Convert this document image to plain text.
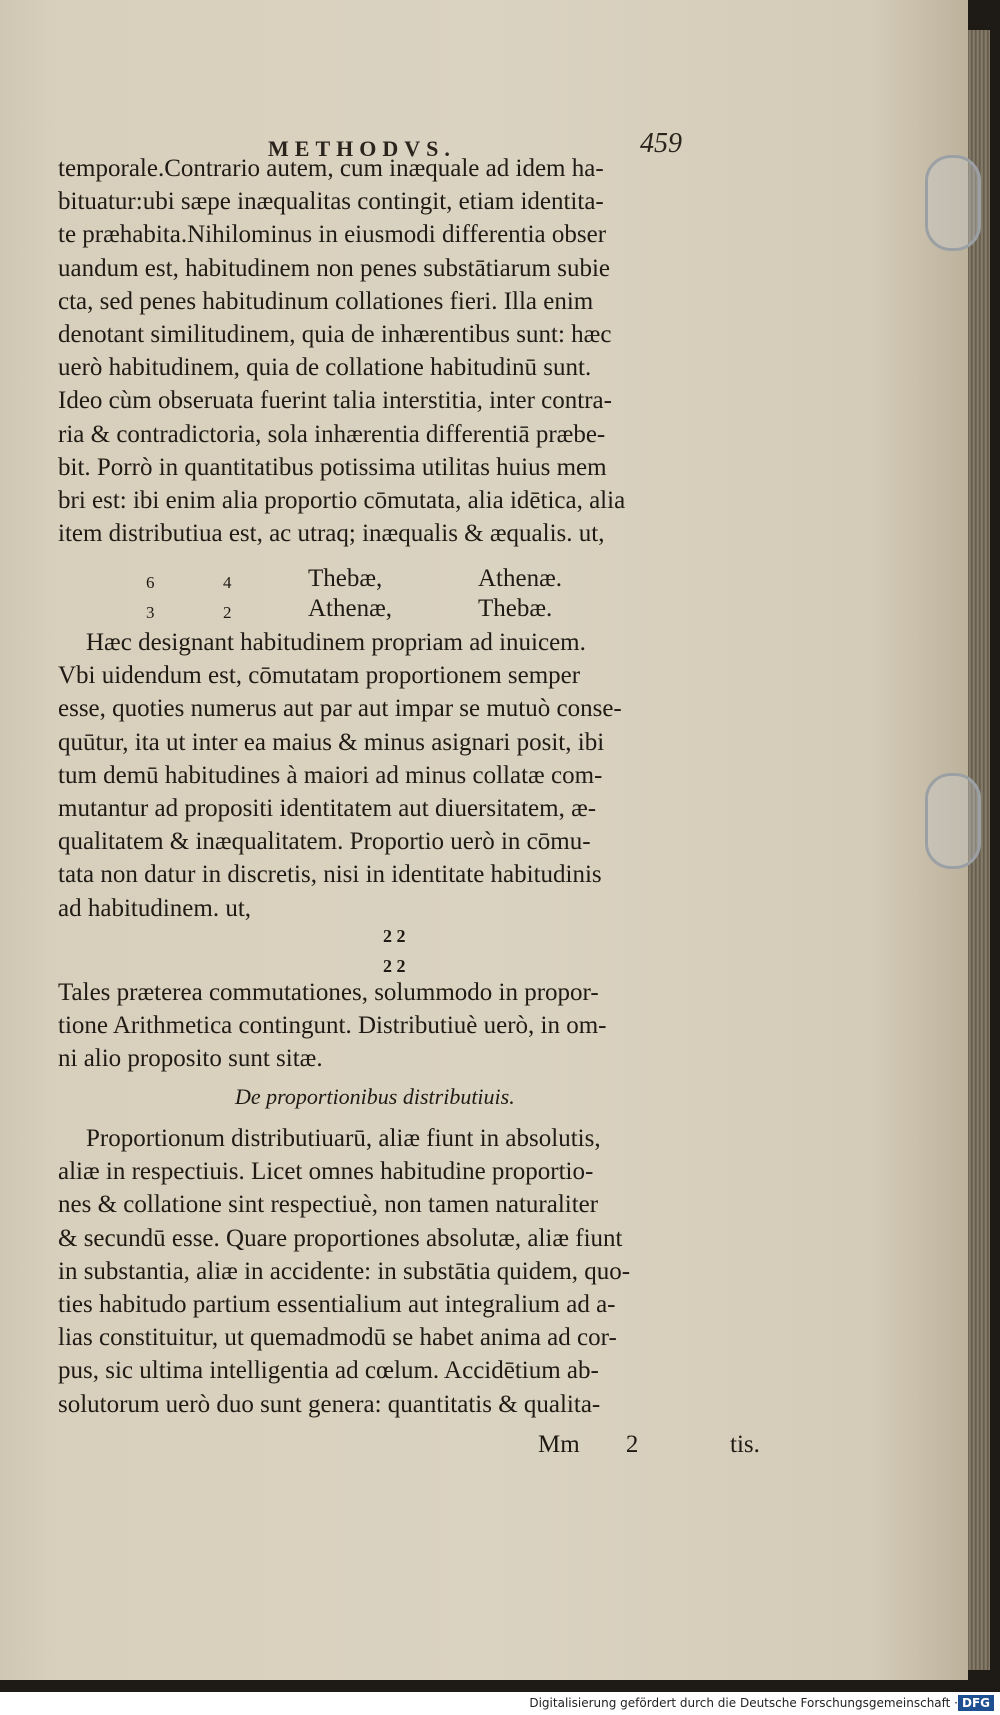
METHODVS.	459
temporale.Contrario autem, cum inæquale ad idem ha-
bituatur:ubi sæpe inæqualitas contingit, etiam identita-
te præhabita.Nihilominus in eiusmodi differentia obser
uandum est, habitudinem non penes substātiarum subie
cta, sed penes habitudinum collationes fieri. Illa enim
denotant similitudinem, quia de inhærentibus sunt: hæc
uerò habitudinem, quia de collatione habitudinū sunt.
Ideo cùm obseruata fuerint talia interstitia, inter contra-
ria & contradictoria, sola inhærentia differentiā præbe-
bit. Porrò in quantitatibus potissima utilitas huius mem
bri est: ibi enim alia proportio cōmutata, alia idētica, alia
item distributiua est, ac utraq; inæqualis & æqualis. ut,
6	4	Thebæ,	Athenæ.
3	2	Athenæ,	Thebæ.
Hæc designant habitudinem propriam ad inuicem.
Vbi uidendum est, cōmutatam proportionem semper
esse, quoties numerus aut par aut impar se mutuò conse-
quūtur, ita ut inter ea maius & minus asignari posit, ibi
tum demū habitudines à maiori ad minus collatæ com-
mutantur ad propositi identitatem aut diuersitatem, æ-
qualitatem & inæqualitatem. Proportio uerò in cōmu-
tata non datur in discretis, nisi in identitate habitudinis
ad habitudinem. ut,
2 2
2 2
Tales præterea commutationes, solummodo in propor-
tione Arithmetica contingunt. Distributiuè uerò, in om-
ni alio proposito sunt sitæ.
De proportionibus distributiuis.
Proportionum distributiuarū, aliæ fiunt in absolutis,
aliæ in respectiuis. Licet omnes habitudine proportio-
nes & collatione sint respectiuè, non tamen naturaliter
& secundū esse. Quare proportiones absolutæ, aliæ fiunt
in substantia, aliæ in accidente: in substātia quidem, quo-
ties habitudo partium essentialium aut integralium ad a-
lias constituitur, ut quemadmodū se habet anima ad cor-
pus, sic ultima intelligentia ad cœlum. Accidētium ab-
solutorum uerò duo sunt genera: quantitatis & qualita-
Mm 2	tis.
Digitalisierung gefördert durch die Deutsche Forschungsgemeinschaft · DFG
